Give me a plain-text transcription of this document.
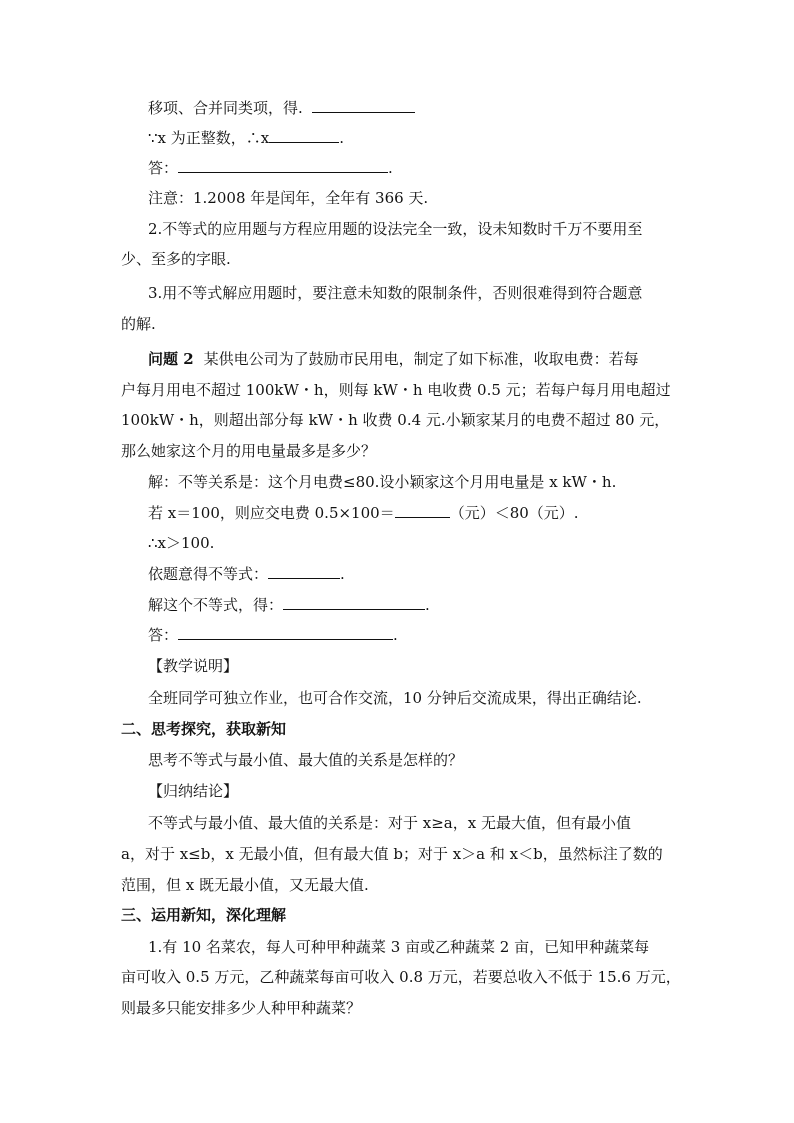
移项、合并同类项，得.
∵x 为正整数，∴x	.
答：	.
注意：1.2008 年是闰年，全年有 366 天.
2.不等式的应用题与方程应用题的设法完全一致，设未知数时千万不要用至
少、至多的字眼.
3.用不等式解应用题时，要注意未知数的限制条件，否则很难得到符合题意
的解.
问题 2 某供电公司为了鼓励市民用电，制定了如下标准，收取电费：若每
户每月用电不超过 100kW・h，则每 kW・h 电收费 0.5 元；若每户每月用电超过
100kW・h，则超出部分每 kW・h 收费 0.4 元.小颖家某月的电费不超过 80 元，
那么她家这个月的用电量最多是多少？
解：不等关系是：这个月电费≤80.设小颖家这个月用电量是 x kW・h.
若 x＝100，则应交电费 0.5×100＝	（元）＜80（元）.
∴x＞100.
依题意得不等式：	.
解这个不等式，得：	.
答：	.
【教学说明】
全班同学可独立作业，也可合作交流，10 分钟后交流成果，得出正确结论.
二、思考探究，获取新知
思考不等式与最小值、最大值的关系是怎样的？
【归纳结论】
不等式与最小值、最大值的关系是：对于 x≥a，x 无最大值，但有最小值
a，对于 x≤b，x 无最小值，但有最大值 b；对于 x＞a 和 x＜b，虽然标注了数的
范围，但 x 既无最小值，又无最大值.
三、运用新知，深化理解
1.有 10 名菜农，每人可种甲种蔬菜 3 亩或乙种蔬菜 2 亩，已知甲种蔬菜每
亩可收入 0.5 万元，乙种蔬菜每亩可收入 0.8 万元，若要总收入不低于 15.6 万元，
则最多只能安排多少人种甲种蔬菜？
